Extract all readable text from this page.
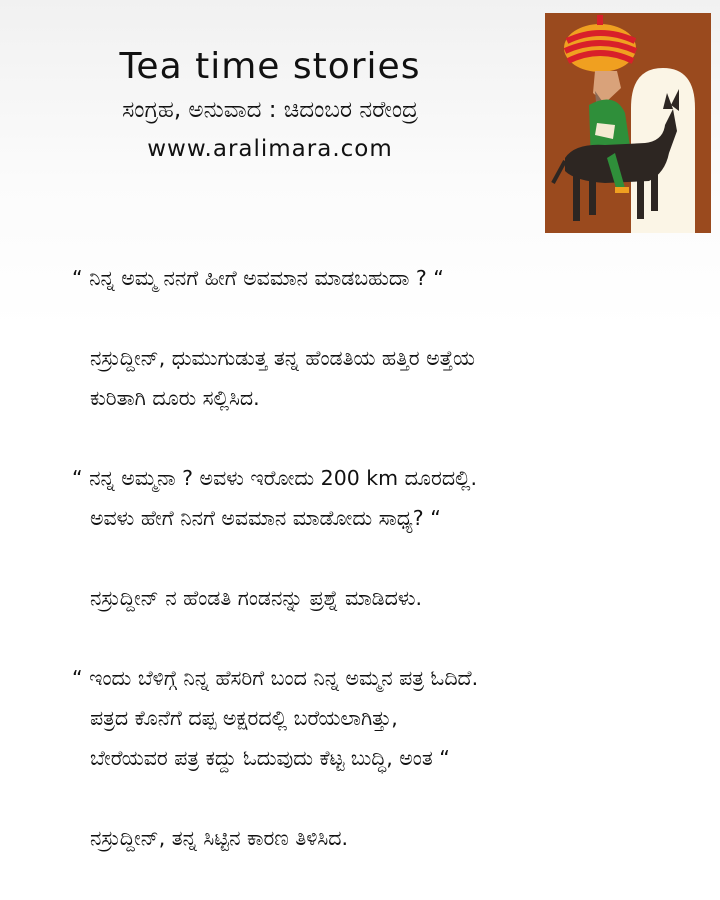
Tea time stories
ಸಂಗ್ರಹ, ಅನುವಾದ : ಚಿದಂಬರ ನರೇಂದ್ರ
www.aralimara.com
“ ನಿನ್ನ ಅಮ್ಮ ನನಗೆ ಹೀಗೆ ಅವಮಾನ ಮಾಡಬಹುದಾ ? “
ನಸ್ರುದ್ದೀನ್, ಧುಮುಗುಡುತ್ತ ತನ್ನ ಹೆಂಡತಿಯ ಹತ್ತಿರ ಅತ್ತೆಯ
ಕುರಿತಾಗಿ ದೂರು ಸಲ್ಲಿಸಿದ.
“ ನನ್ನ ಅಮ್ಮನಾ ? ಅವಳು ಇರೋದು 200 km ದೂರದಲ್ಲಿ.
ಅವಳು ಹೇಗೆ ನಿನಗೆ ಅವಮಾನ ಮಾಡೋದು ಸಾಧ್ಯ? “
ನಸ್ರುದ್ದೀನ್ ನ ಹೆಂಡತಿ ಗಂಡನನ್ನು ಪ್ರಶ್ನೆ ಮಾಡಿದಳು.
“ ಇಂದು ಬೆಳಿಗ್ಗೆ ನಿನ್ನ ಹೆಸರಿಗೆ ಬಂದ ನಿನ್ನ ಅಮ್ಮನ ಪತ್ರ ಓದಿದೆ.
ಪತ್ರದ ಕೊನೆಗೆ ದಪ್ಪ ಅಕ್ಷರದಲ್ಲಿ ಬರೆಯಲಾಗಿತ್ತು,
ಬೇರೆಯವರ ಪತ್ರ ಕದ್ದು ಓದುವುದು ಕೆಟ್ಟ ಬುದ್ಧಿ, ಅಂತ “
ನಸ್ರುದ್ದೀನ್, ತನ್ನ ಸಿಟ್ಟಿನ ಕಾರಣ ತಿಳಿಸಿದ.
